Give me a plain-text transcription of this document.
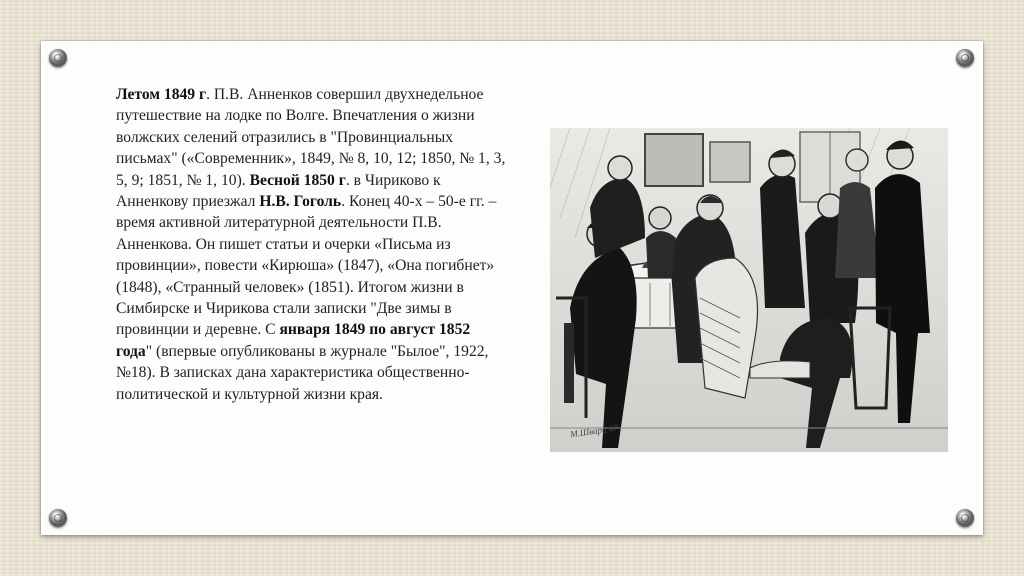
Летом 1849 г. П.В. Анненков совершил двухнедельное путешествие на лодке по Волге. Впечатления о жизни волжских селений отразились в "Провинциальных письмах" («Современник», 1849, № 8, 10, 12; 1850, № 1, 3, 5, 9; 1851, № 1, 10). Весной 1850 г. в Чириково к Анненкову приезжал Н.В. Гоголь. Конец 40-х – 50-е гг. – время активной литературной деятельности П.В. Анненкова. Он пишет статьи и очерки «Письма из провинции», повести «Кирюша» (1847), «Она погибнет» (1848), «Странный человек» (1851). Итогом жизни в Симбирске и Чирикова стали записки "Две зимы в провинции и деревне. С января 1849 по август 1852 года" (впервые опубликованы в журнале "Былое", 1922, №18). В записках дана характеристика общественно-политической и культурной жизни края.
М.Шварц 47
